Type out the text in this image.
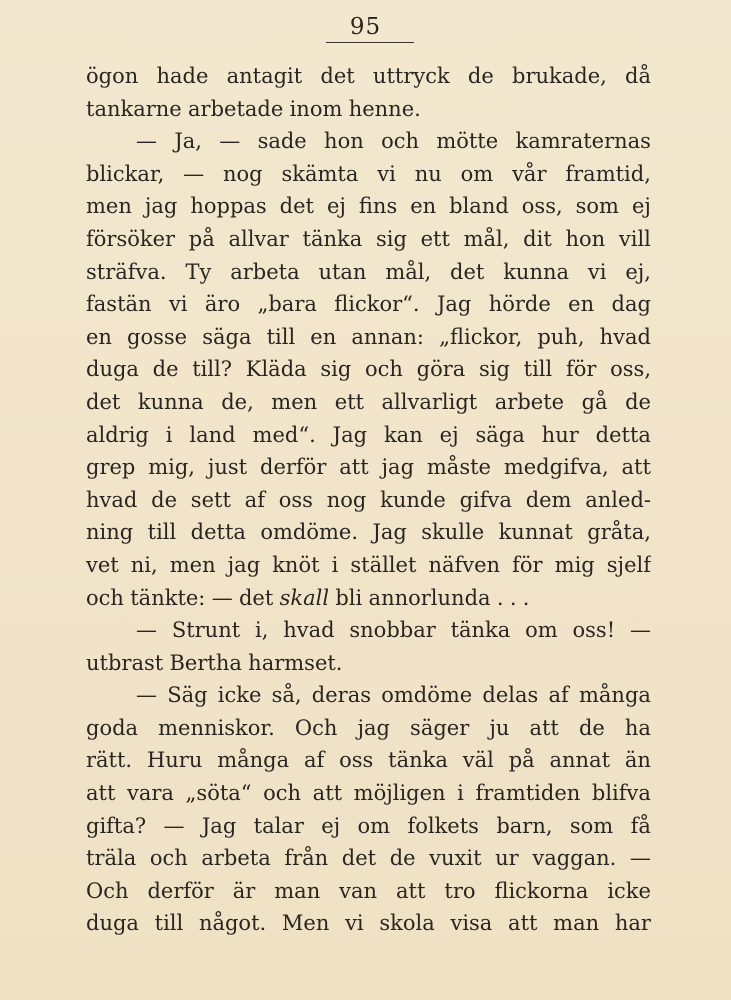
95
ögon hade antagit det uttryck de brukade, då
tankarne arbetade inom henne.
— Ja, — sade hon och mötte kamraternas
blickar, — nog skämta vi nu om vår framtid,
men jag hoppas det ej fins en bland oss, som ej
försöker på allvar tänka sig ett mål, dit hon vill
sträfva. Ty arbeta utan mål, det kunna vi ej,
fastän vi äro „bara flickor“. Jag hörde en dag
en gosse säga till en annan: „flickor, puh, hvad
duga de till? Kläda sig och göra sig till för oss,
det kunna de, men ett allvarligt arbete gå de
aldrig i land med“. Jag kan ej säga hur detta
grep mig, just derför att jag måste medgifva, att
hvad de sett af oss nog kunde gifva dem anled-
ning till detta omdöme. Jag skulle kunnat gråta,
vet ni, men jag knöt i stället näfven för mig sjelf
och tänkte: — det skall bli annorlunda . . .
— Strunt i, hvad snobbar tänka om oss! —
utbrast Bertha harmset.
— Säg icke så, deras omdöme delas af många
goda menniskor. Och jag säger ju att de ha
rätt. Huru många af oss tänka väl på annat än
att vara „söta“ och att möjligen i framtiden blifva
gifta? — Jag talar ej om folkets barn, som få
träla och arbeta från det de vuxit ur vaggan. —
Och derför är man van att tro flickorna icke
duga till något. Men vi skola visa att man har
